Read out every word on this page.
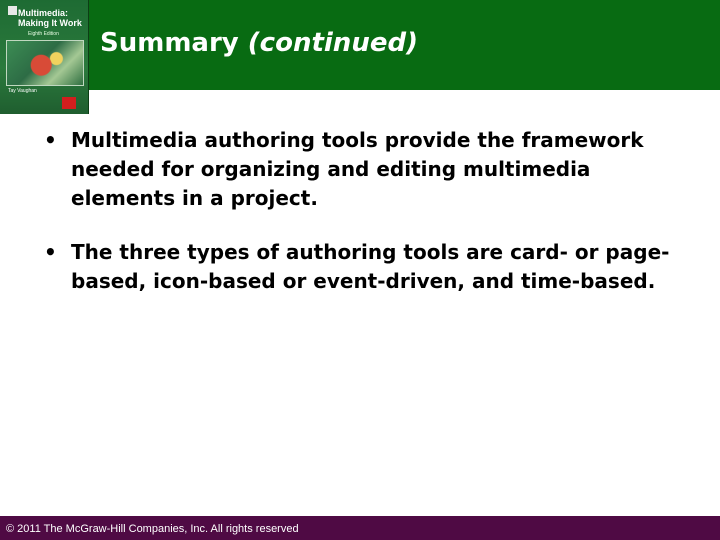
Multimedia: Making It Work
Eighth Edition
Tay Vaughan
Summary (continued)
• Multimedia authoring tools provide the framework needed for organizing and editing multimedia elements in a project.
• The three types of authoring tools are card- or page-based, icon-based or event-driven, and time-based.
© 2011 The McGraw-Hill Companies, Inc. All rights reserved
